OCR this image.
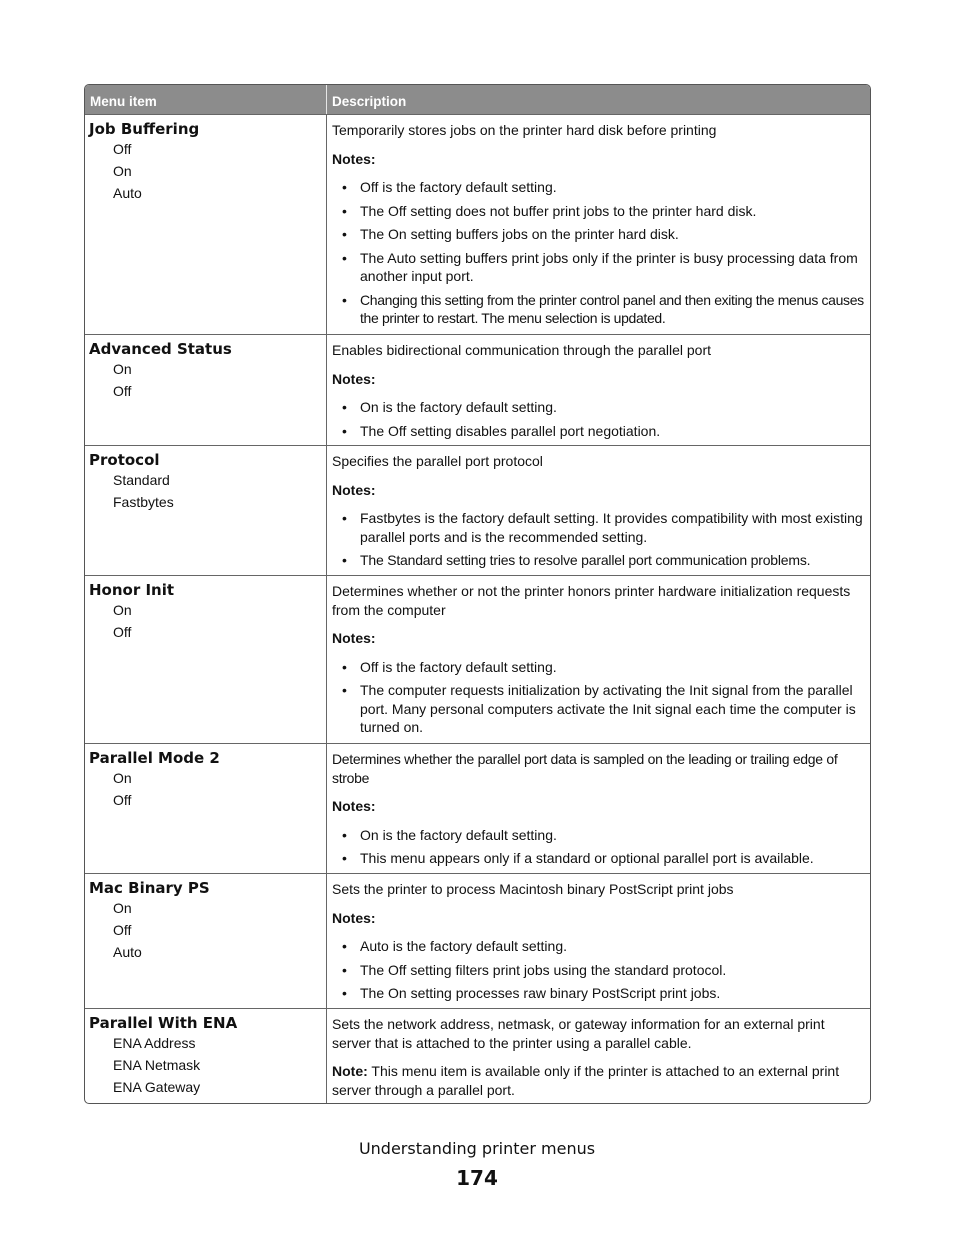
Menu item	Description

Job Buffering

Off
On
Auto

Temporarily stores jobs on the printer hard disk before printing

Notes:

• Off is the factory default setting.
• The Off setting does not buffer print jobs to the printer hard disk.
• The On setting buffers jobs on the printer hard disk.
• The Auto setting buffers print jobs only if the printer is busy processing data from another input port.
• Changing this setting from the printer control panel and then exiting the menus causes the printer to restart. The menu selection is updated.

Advanced Status

On
Off

Enables bidirectional communication through the parallel port

Notes:

• On is the factory default setting.
• The Off setting disables parallel port negotiation.

Protocol

Standard
Fastbytes

Specifies the parallel port protocol

Notes:

• Fastbytes is the factory default setting. It provides compatibility with most existing parallel ports and is the recommended setting.
• The Standard setting tries to resolve parallel port communication problems.

Honor Init

On
Off

Determines whether or not the printer honors printer hardware initialization requests from the computer

Notes:

• Off is the factory default setting.
• The computer requests initialization by activating the Init signal from the parallel port. Many personal computers activate the Init signal each time the computer is turned on.

Parallel Mode 2

On
Off

Determines whether the parallel port data is sampled on the leading or trailing edge of strobe

Notes:

• On is the factory default setting.
• This menu appears only if a standard or optional parallel port is available.

Mac Binary PS

On
Off
Auto

Sets the printer to process Macintosh binary PostScript print jobs

Notes:

• Auto is the factory default setting.
• The Off setting filters print jobs using the standard protocol.
• The On setting processes raw binary PostScript print jobs.

Parallel With ENA

ENA Address
ENA Netmask
ENA Gateway

Sets the network address, netmask, or gateway information for an external print server that is attached to the printer using a parallel cable.

Note: This menu item is available only if the printer is attached to an external print server through a parallel port.

Understanding printer menus
174
